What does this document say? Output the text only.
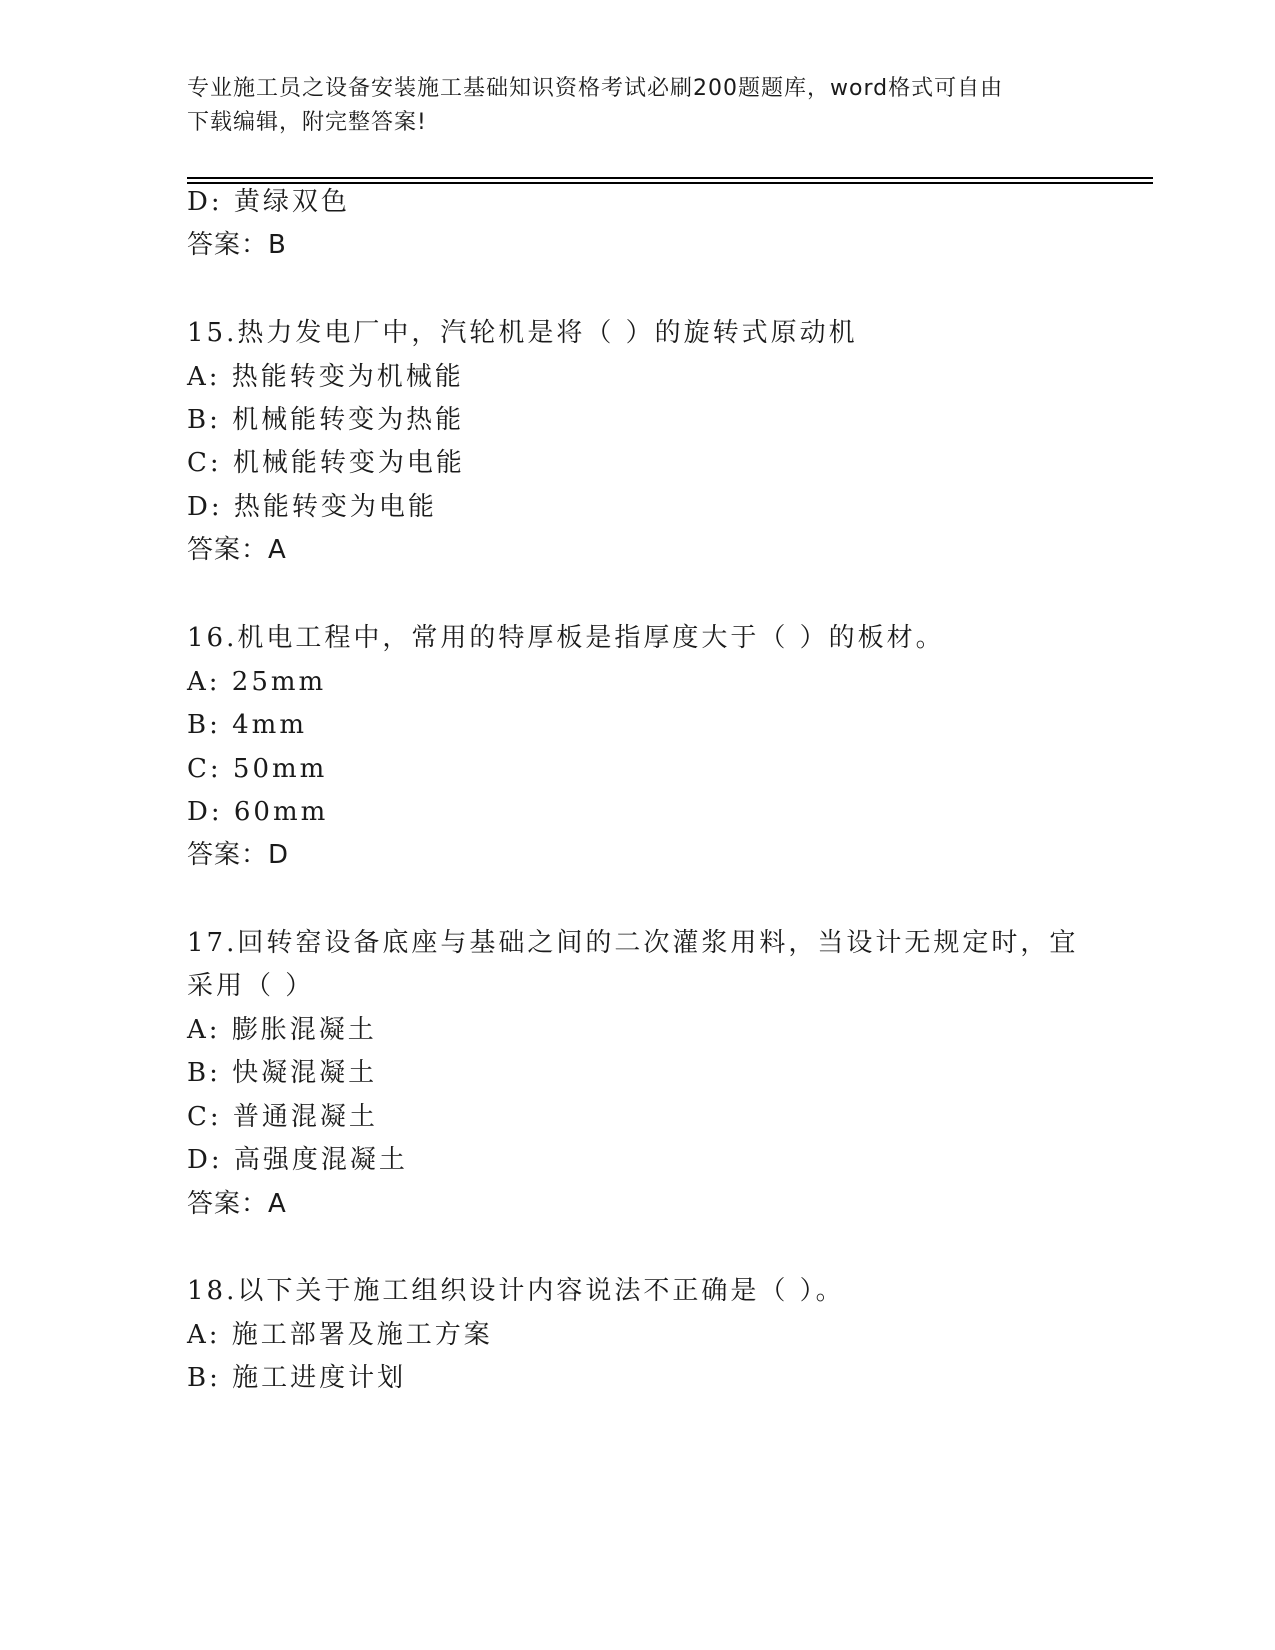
专业施工员之设备安装施工基础知识资格考试必刷200题题库，word格式可自由
下载编辑，附完整答案!
D: 黄绿双色
答案：B
15.热力发电厂中，汽轮机是将（ ）的旋转式原动机
A: 热能转变为机械能
B: 机械能转变为热能
C: 机械能转变为电能
D: 热能转变为电能
答案：A
16.机电工程中，常用的特厚板是指厚度大于（ ）的板材。
A: 25mm
B: 4mm
C: 50mm
D: 60mm
答案：D
17.回转窑设备底座与基础之间的二次灌浆用料，当设计无规定时，宜
采用（ ）
A: 膨胀混凝土
B: 快凝混凝土
C: 普通混凝土
D: 高强度混凝土
答案：A
18.以下关于施工组织设计内容说法不正确是（ ）。
A: 施工部署及施工方案
B: 施工进度计划
